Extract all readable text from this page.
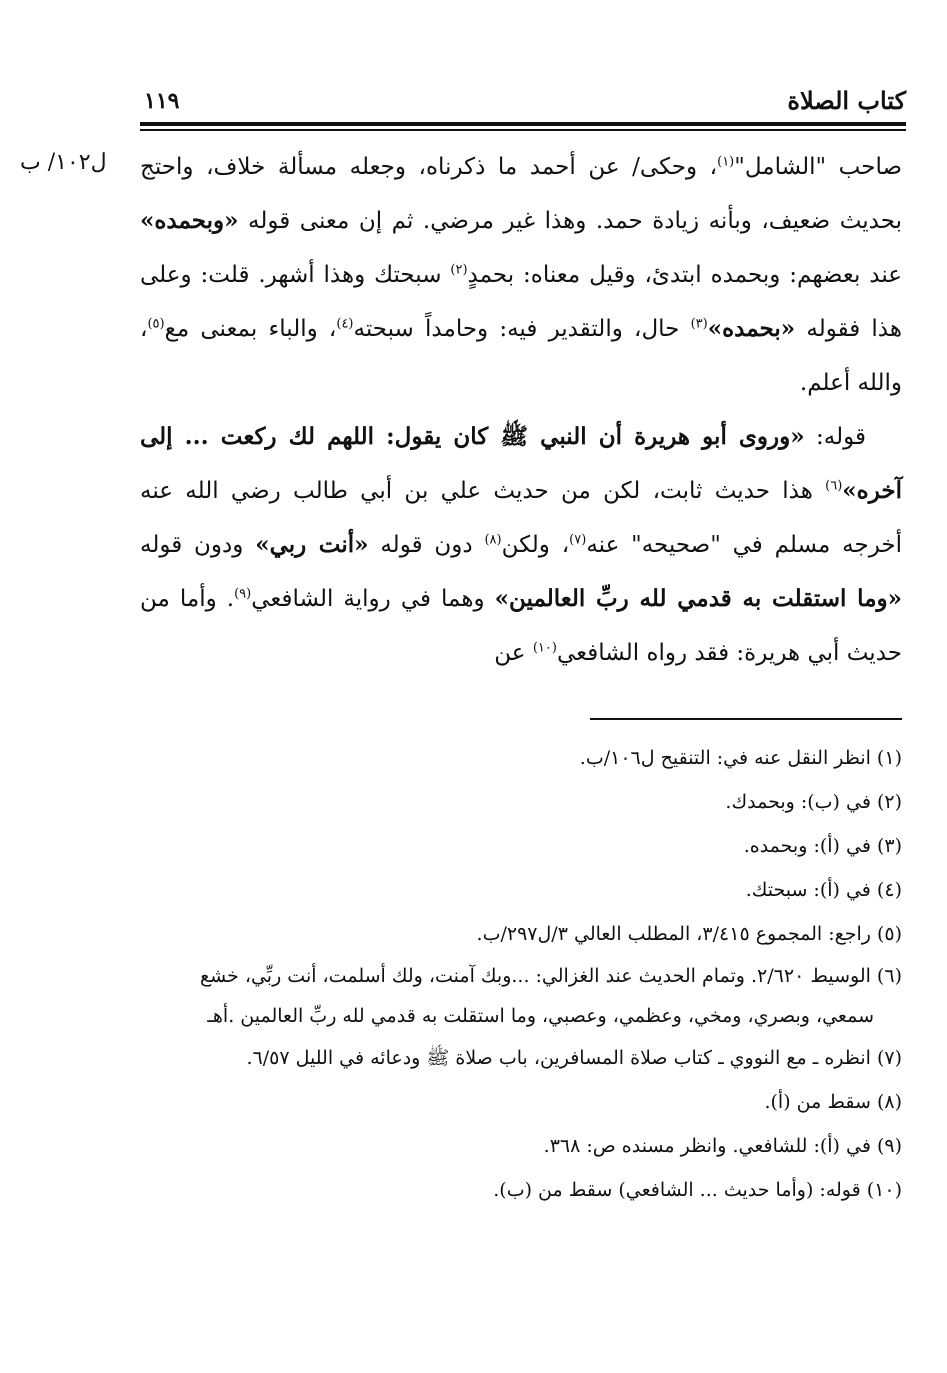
كتاب الصلاة
١١٩
ل١٠٢/ ب	صاحب "الشامل"$^{(١)}$، وحكى/ عن أحمد ما ذكرناه، وجعله مسألة خلاف، واحتج بحديث ضعيف، وبأنه زيادة حمد. وهذا غير مرضي. ثم إن معنى قوله «وبحمده» عند بعضهم: وبحمده ابتدئ، وقيل معناه: بحمدٍ$^{(٢)}$ سبحتك وهذا أشهر. قلت: وعلى هذا فقوله «بحمده»$^{(٣)}$ حال، والتقدير فيه: وحامداً سبحته$^{(٤)}$، والباء بمعنى مع$^{(٥)}$، والله أعلم.

قوله: «وروى أبو هريرة أن النبي ﷺ كان يقول: اللهم لك ركعت ... إلى آخره»$^{(٦)}$ هذا حديث ثابت، لكن من حديث علي بن أبي طالب رضي الله عنه أخرجه مسلم في "صحيحه" عنه$^{(٧)}$، ولكن$^{(٨)}$ دون قوله «أنت ربي» ودون قوله «وما استقلت به قدمي لله ربِّ العالمين» وهما في رواية الشافعي$^{(٩)}$. وأما من حديث أبي هريرة: فقد رواه الشافعي$^{(١٠)}$ عن

(١) انظر النقل عنه في: التنقيح ل١٠٦/ب.

(٢) في (ب): وبحمدك.

(٣) في (أ): وبحمده.

(٤) في (أ): سبحتك.

(٥) راجع: المجموع ٣/٤١٥، المطلب العالي ٣/ل٢٩٧/ب.

(٦) الوسيط ٢/٦٢٠. وتمام الحديث عند الغزالي: ...وبك آمنت، ولك أسلمت، أنت ربِّي، خشع سمعي، وبصري، ومخي، وعظمي، وعصبي، وما استقلت به قدمي لله ربِّ العالمين .أهـ

(٧) انظره ـ مع النووي ـ كتاب صلاة المسافرين، باب صلاة ﷺ ودعائه في الليل ٦/٥٧.

(٨) سقط من (أ).

(٩) في (أ): للشافعي. وانظر مسنده ص: ٣٦٨.

(١٠) قوله: (وأما حديث ... الشافعي) سقط من (ب).
